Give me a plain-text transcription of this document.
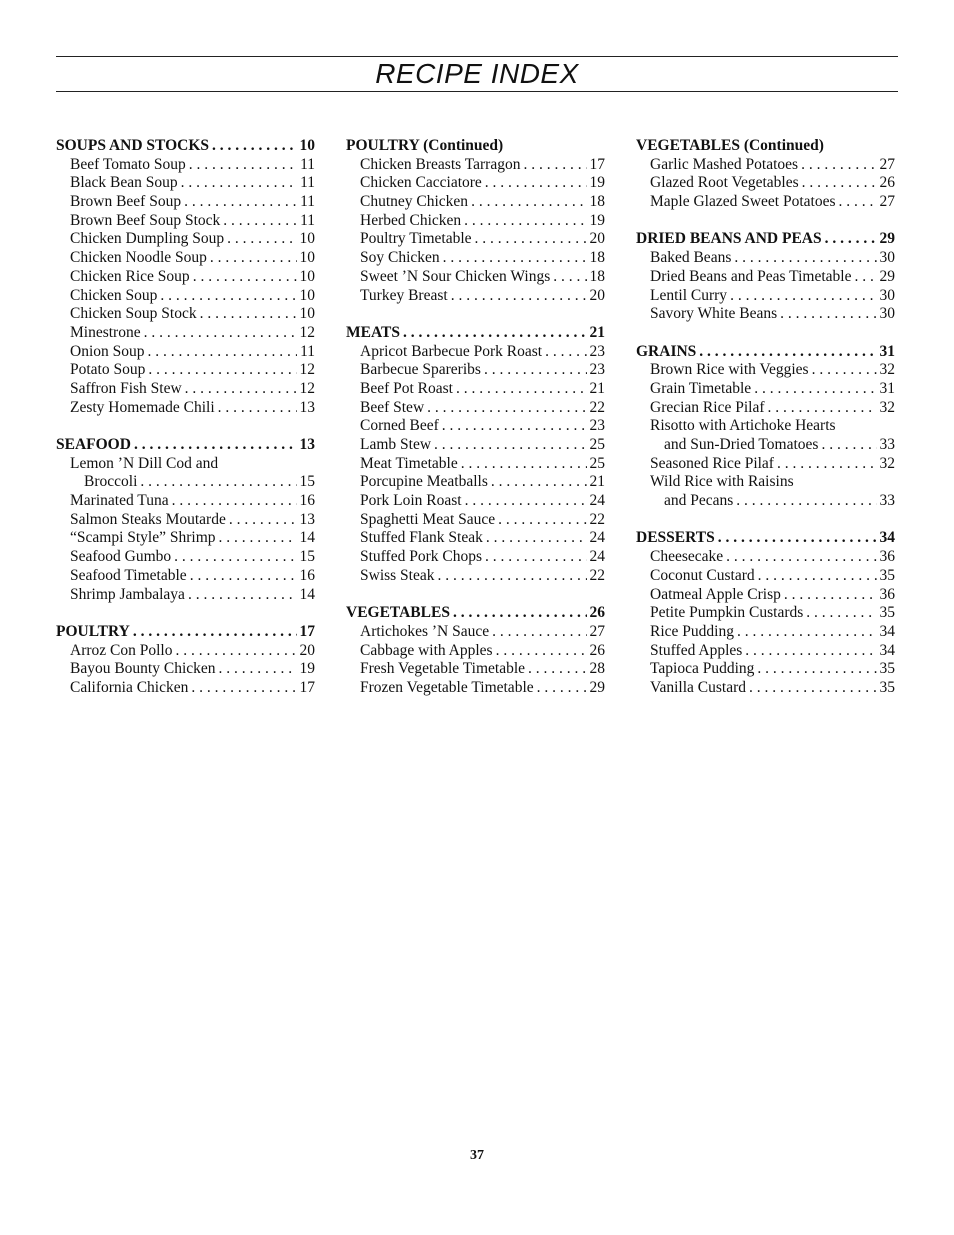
RECIPE INDEX
SOUPS AND STOCKS . . .	10
Beef Tomato Soup . . .	11
Black Bean Soup . . .	11
Brown Beef Soup . . .	11
Brown Beef Soup Stock . . .	11
Chicken Dumpling Soup . . .	10
Chicken Noodle Soup . . .	10
Chicken Rice Soup . . .	10
Chicken Soup . . .	10
Chicken Soup Stock . . .	10
Minestrone . . .	12
Onion Soup . . .	11
Potato Soup . . .	12
Saffron Fish Stew . . .	12
Zesty Homemade Chili . . .	13
SEAFOOD . . .	13
Lemon ’N Dill Cod and
Broccoli . . .	15
Marinated Tuna . . .	16
Salmon Steaks Moutarde . . .	13
“Scampi Style” Shrimp . . .	14
Seafood Gumbo . . .	15
Seafood Timetable . . .	16
Shrimp Jambalaya . . .	14
POULTRY . . .	17
Arroz Con Pollo . . .	20
Bayou Bounty Chicken . . .	19
California Chicken . . .	17
POULTRY (Continued)
Chicken Breasts Tarragon . . .	17
Chicken Cacciatore . . .	19
Chutney Chicken . . .	18
Herbed Chicken . . .	19
Poultry Timetable . . .	20
Soy Chicken . . .	18
Sweet ’N Sour Chicken Wings . . .	18
Turkey Breast . . .	20
MEATS . . .	21
Apricot Barbecue Pork Roast . . .	23
Barbecue Spareribs . . .	23
Beef Pot Roast . . .	21
Beef Stew . . .	22
Corned Beef . . .	23
Lamb Stew . . .	25
Meat Timetable . . .	25
Porcupine Meatballs . . .	21
Pork Loin Roast . . .	24
Spaghetti Meat Sauce . . .	22
Stuffed Flank Steak . . .	24
Stuffed Pork Chops . . .	24
Swiss Steak . . .	22
VEGETABLES . . .	26
Artichokes ’N Sauce . . .	27
Cabbage with Apples . . .	26
Fresh Vegetable Timetable . . .	28
Frozen Vegetable Timetable . . .	29
VEGETABLES (Continued)
Garlic Mashed Potatoes . . .	27
Glazed Root Vegetables . . .	26
Maple Glazed Sweet Potatoes . . .	27
DRIED BEANS AND PEAS . . .	29
Baked Beans . . .	30
Dried Beans and Peas Timetable . . . 29
Lentil Curry . . .	30
Savory White Beans . . .	30
GRAINS . . .	31
Brown Rice with Veggies . . .	32
Grain Timetable . . .	31
Grecian Rice Pilaf . . .	32
Risotto with Artichoke Hearts
and Sun-Dried Tomatoes . . .	33
Seasoned Rice Pilaf . . .	32
Wild Rice with Raisins
and Pecans . . .	33
DESSERTS . . .	34
Cheesecake . . .	36
Coconut Custard . . .	35
Oatmeal Apple Crisp . . .	36
Petite Pumpkin Custards . . .	35
Rice Pudding . . .	34
Stuffed Apples . . .	34
Tapioca Pudding . . .	35
Vanilla Custard . . .	35
37
